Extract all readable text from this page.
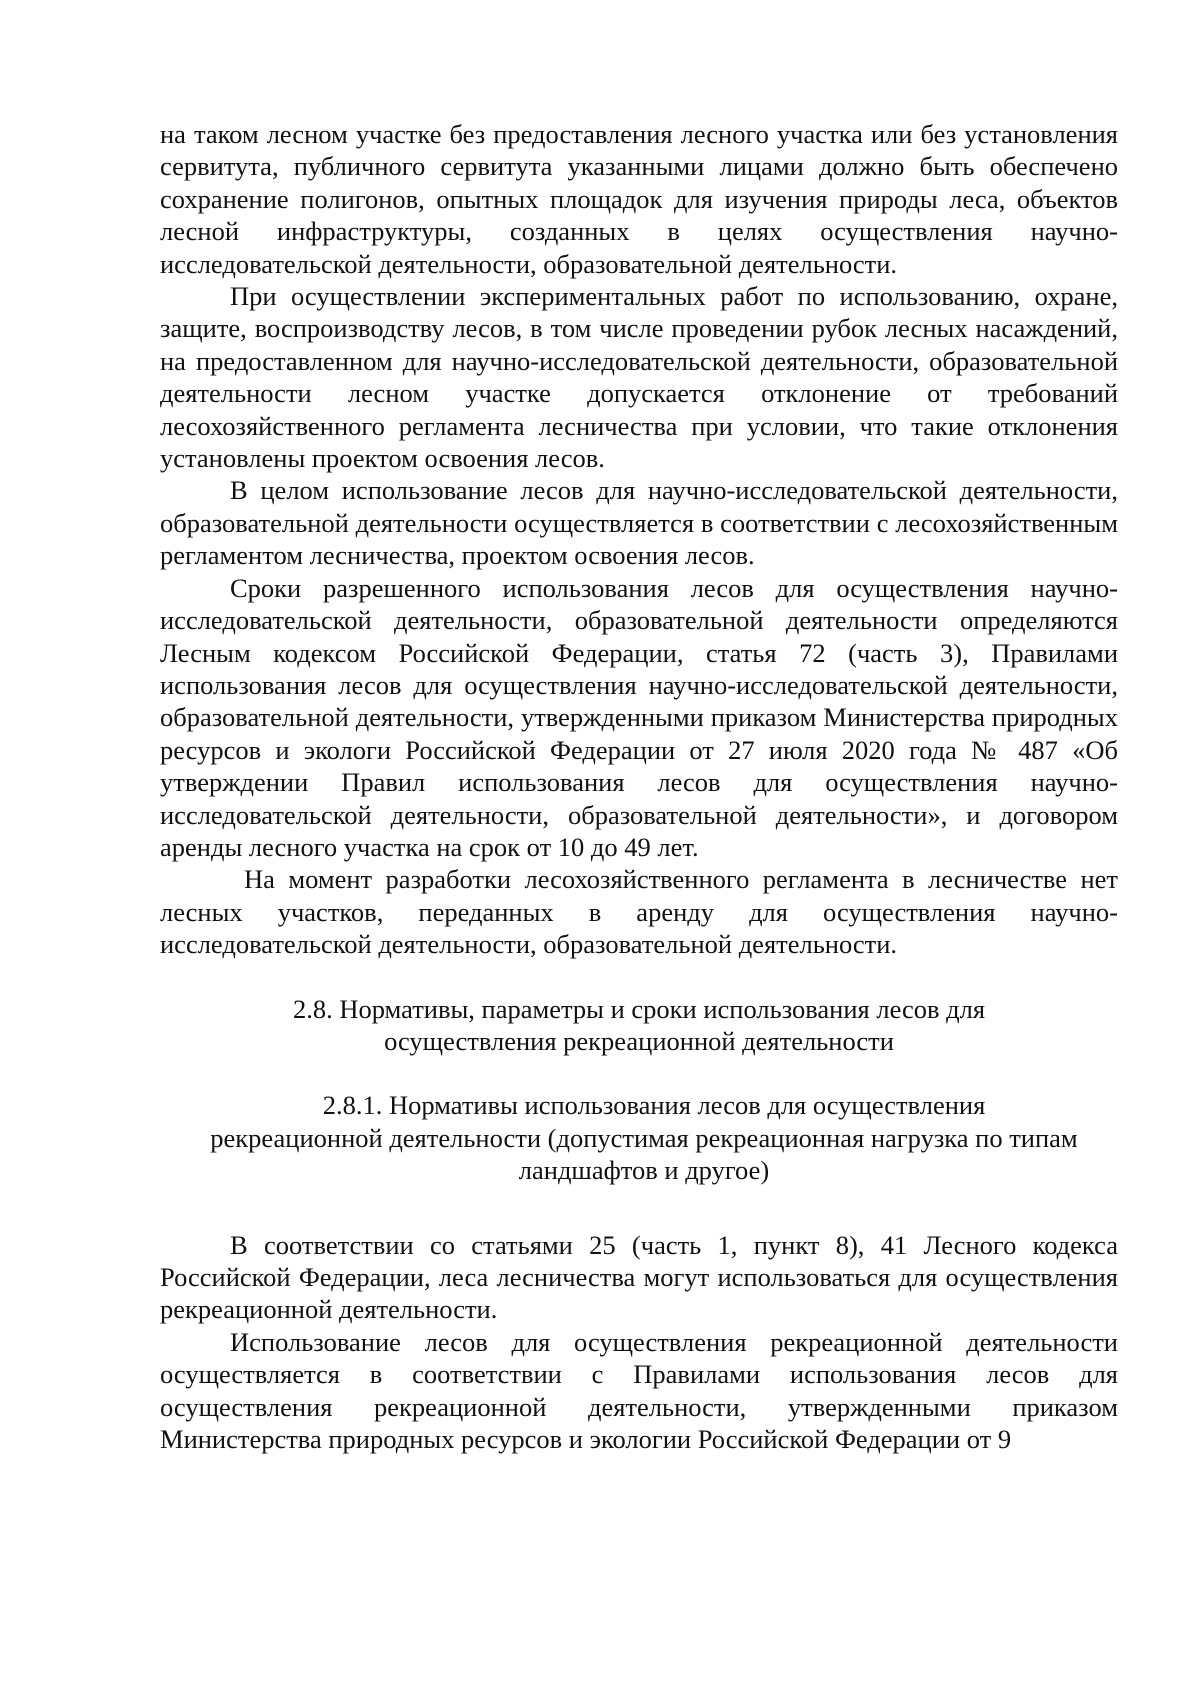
на таком лесном участке без предоставления лесного участка или без установления сервитута, публичного сервитута указанными лицами должно быть обеспечено сохранение полигонов, опытных площадок для изучения природы леса, объектов лесной инфраструктуры, созданных в целях осуществления научно-исследовательской деятельности, образовательной деятельности.

При осуществлении экспериментальных работ по использованию, охране, защите, воспроизводству лесов, в том числе проведении рубок лесных насаждений, на предоставленном для научно-исследовательской деятельности, образовательной деятельности лесном участке допускается отклонение от требований лесохозяйственного регламента лесничества при условии, что такие отклонения установлены проектом освоения лесов.

В целом использование лесов для научно-исследовательской деятельности, образовательной деятельности осуществляется в соответствии с лесохозяйственным регламентом лесничества, проектом освоения лесов.

Сроки разрешенного использования лесов для осуществления научно-исследовательской деятельности, образовательной деятельности определяются Лесным кодексом Российской Федерации, статья 72 (часть 3), Правилами использования лесов для осуществления научно-исследовательской деятельности, образовательной деятельности, утвержденными приказом Министерства природных ресурсов и экологи Российской Федерации от 27 июля 2020 года № 487 «Об утверждении Правил использования лесов для осуществления научно-исследовательской деятельности, образовательной деятельности», и договором аренды лесного участка на срок от 10 до 49 лет.

На момент разработки лесохозяйственного регламента в лесничестве нет лесных участков, переданных в аренду для осуществления научно-исследовательской деятельности, образовательной деятельности.

2.8. Нормативы, параметры и сроки использования лесов для осуществления рекреационной деятельности

2.8.1. Нормативы использования лесов для осуществления
рекреационной деятельности (допустимая рекреационная нагрузка по типам ландшафтов и другое)

В соответствии со статьями 25 (часть 1, пункт 8), 41 Лесного кодекса Российской Федерации, леса лесничества могут использоваться для осуществления рекреационной деятельности.

Использование лесов для осуществления рекреационной деятельности осуществляется в соответствии с Правилами использования лесов для осуществления рекреационной деятельности, утвержденными приказом Министерства природных ресурсов и экологии Российской Федерации от 9
